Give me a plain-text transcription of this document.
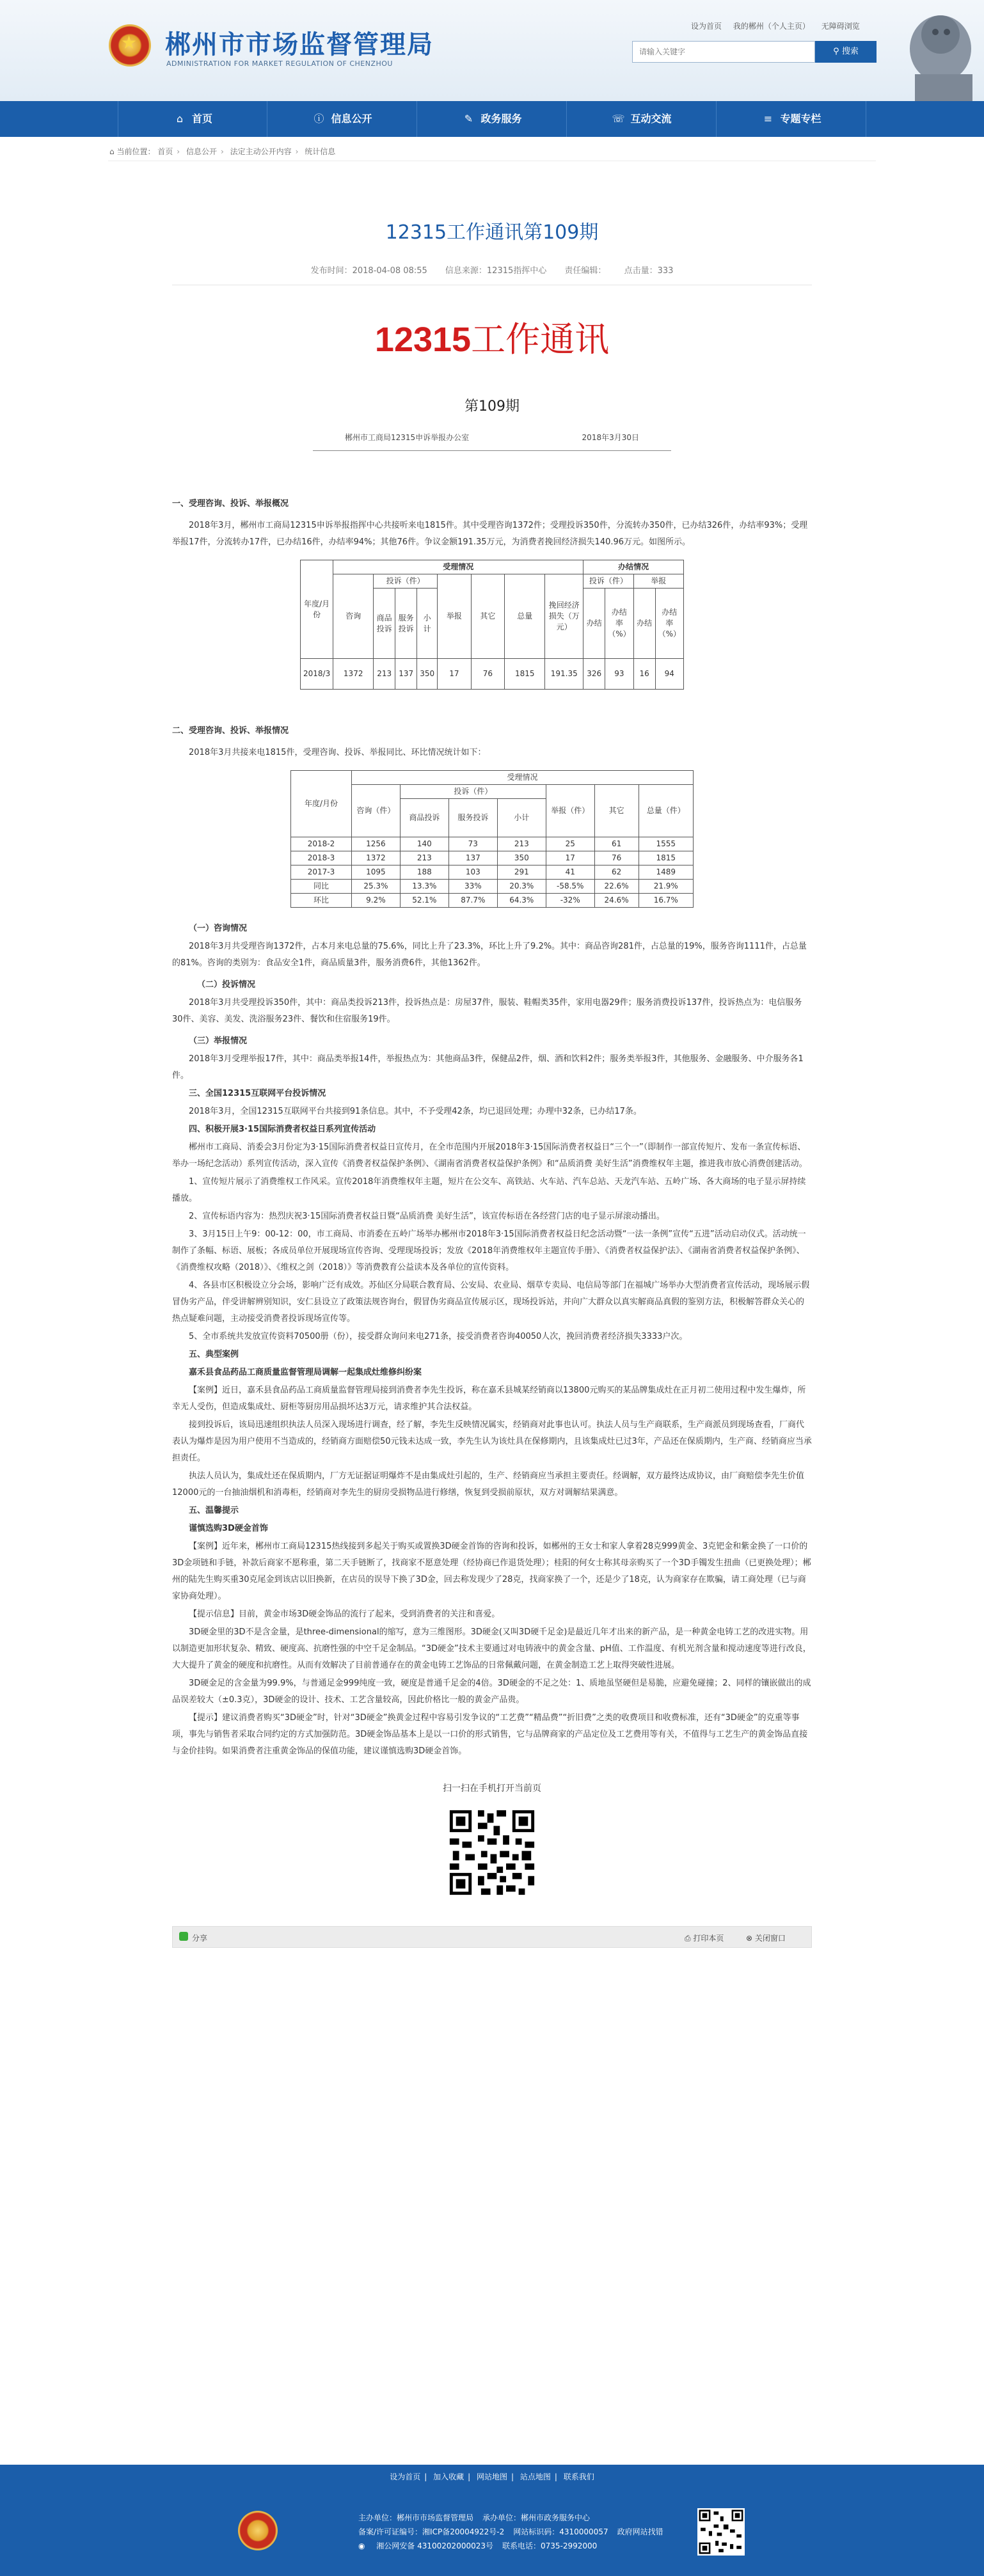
★
郴州市市场监督管理局
ADMINISTRATION FOR MARKET REGULATION OF CHENZHOU
设为首页 我的郴州（个人主页） 无障碍浏览
请输入关键字
⚲ 搜索
⌂ 首页	ⓘ 信息公开	✎ 政务服务	☏ 互动交流	≡ 专题专栏
⌂ 当前位置： 首页 › 信息公开 › 法定主动公开内容 › 统计信息
12315工作通讯第109期
发布时间：2018-04-08 08:55 信息来源：12315指挥中心 责任编辑： 点击量：333
12315工作通讯
第109期
郴州市工商局12315申诉举报办公室	2018年3月30日

一、受理咨询、投诉、举报概况

2018年3月，郴州市工商局12315申诉举报指挥中心共接听来电1815件。其中受理咨询1372件；受理投诉350件，分流转办350件，已办结326件，办结率93%；受理举报17件，分流转办17件，已办结16件，办结率94%；其他76件。争议金额191.35万元，为消费者挽回经济损失140.96万元。如图所示。

年度/月份	受理情况								办结情况			
	咨询	投诉（件）			举报	其它	总量	挽回经济损失（万元）	投诉（件）		举报	
		商品投诉	服务投诉	小计					办结	办结率（%）	办结	办结率（%）
2018/3	1372	213	137	350	17	76	1815	191.35	326	93	16	94

二、受理咨询、投诉、举报情况

2018年3月共接来电1815件，受理咨询、投诉、举报同比、环比情况统计如下：

年度/月份	受理情况						
	咨询（件）	投诉（件）			举报（件）	其它	总量（件）
		商品投诉	服务投诉	小计			
2018-2	1256	140	73	213	25	61	1555
2018-3	1372	213	137	350	17	76	1815
2017-3	1095	188	103	291	41	62	1489
同比	25.3%	13.3%	33%	20.3%	-58.5%	22.6%	21.9%
环比	9.2%	52.1%	87.7%	64.3%	-32%	24.6%	16.7%

（一）咨询情况

2018年3月共受理咨询1372件，占本月来电总量的75.6%，同比上升了23.3%，环比上升了9.2%。其中：商品咨询281件，占总量的19%，服务咨询1111件，占总量的81%。咨询的类别为：食品安全1件，商品质量3件，服务消费6件，其他1362件。

（二）投诉情况

2018年3月共受理投诉350件，其中：商品类投诉213件，投诉热点是：房屋37件，服装、鞋帽类35件，家用电器29件；服务消费投诉137件，投诉热点为：电信服务30件、美容、美发、洗浴服务23件、餐饮和住宿服务19件。

（三）举报情况

2018年3月受理举报17件，其中：商品类举报14件，举报热点为：其他商品3件，保健品2件，烟、酒和饮料2件；服务类举报3件，其他服务、金融服务、中介服务各1件。

三、全国12315互联网平台投诉情况

2018年3月，全国12315互联网平台共接到91条信息。其中，不予受理42条，均已退回处理；办理中32条，已办结17条。

四、积极开展3·15国际消费者权益日系列宣传活动

郴州市工商局、消委会3月份定为3·15国际消费者权益日宣传月，在全市范围内开展2018年3·15国际消费者权益日“三个一”（即制作一部宣传短片、发布一条宣传标语、举办一场纪念活动）系列宣传活动，深入宣传《消费者权益保护条例》、《湖南省消费者权益保护条例》和“品质消费 美好生活”消费维权年主题，推进我市放心消费创建活动。

1、宣传短片展示了消费维权工作风采。宣传2018年消费维权年主题，短片在公交车、高铁站、火车站、汽车总站、天龙汽车站、五岭广场、各大商场的电子显示屏持续播放。

2、宣传标语内容为：热烈庆祝3·15国际消费者权益日暨“品质消费 美好生活”，该宣传标语在各经营门店的电子显示屏滚动播出。

3、3月15日上午9：00-12：00，市工商局、市消委在五岭广场举办郴州市2018年3·15国际消费者权益日纪念活动暨“一法一条例”宣传“五进”活动启动仪式。活动统一制作了条幅、标语、展板；各成员单位开展现场宣传咨询、受理现场投诉；发放《2018年消费维权年主题宣传手册》、《消费者权益保护法》、《湖南省消费者权益保护条例》、《消费维权攻略（2018）》、《维权之剑（2018）》等消费教育公益读本及各单位的宣传资料。

4、各县市区积极设立分会场，影响广泛有成效。苏仙区分局联合教育局、公安局、农业局、烟草专卖局、电信局等部门在福城广场举办大型消费者宣传活动，现场展示假冒伪劣产品，伴受讲解辨别知识，安仁县设立了政策法规咨询台，假冒伪劣商品宣传展示区，现场投诉站，并向广大群众以真实解商品真假的鉴别方法，积极解答群众关心的热点疑难问题，主动接受消费者投诉现场宣传等。

5、全市系统共发放宣传资料70500册（份），接受群众询问来电271条，接受消费者咨询40050人次，挽回消费者经济损失3333户次。

五、典型案例

嘉禾县食品药品工商质量监督管理局调解一起集成灶维修纠纷案

【案例】近日，嘉禾县食品药品工商质量监督管理局接到消费者李先生投诉，称在嘉禾县城某经销商以13800元购买的某品牌集成灶在正月初二使用过程中发生爆炸，所幸无人受伤，但造成集成灶、厨柜等厨房用品损坏达3万元，请求维护其合法权益。

接到投诉后，该局迅速组织执法人员深入现场进行调查，经了解，李先生反映情况属实，经销商对此事也认可。执法人员与生产商联系，生产商派员到现场查看，厂商代表认为爆炸是因为用户使用不当造成的，经销商方面赔偿50元钱未达成一致，李先生认为该灶具在保修期内，且该集成灶已过3年，产品还在保质期内，生产商、经销商应当承担责任。

执法人员认为，集成灶还在保质期内，厂方无证据证明爆炸不是由集成灶引起的，生产、经销商应当承担主要责任。经调解，双方最终达成协议，由厂商赔偿李先生价值12000元的一台抽油烟机和消毒柜，经销商对李先生的厨房受损物品进行修缮，恢复到受损前原状，双方对调解结果满意。

五、温馨提示

谨慎选购3D硬金首饰

【案例】近年来，郴州市工商局12315热线接到多起关于购买或置换3D硬金首饰的咨询和投诉，如郴州的王女士和家人拿着28克999黄金、3克钯金和紫金换了一口价的3D金项链和手链，补款后商家不愿称重，第二天手链断了，找商家不愿意处理（经协商已作退货处理）；桂阳的何女士称其母亲购买了一个3D手镯发生扭曲（已更换处理）；郴州的陆先生购买重30克尾金到该店以旧换新，在店员的误导下换了3D金，回去称发现少了28克，找商家换了一个，还是少了18克，认为商家存在欺骗，请工商处理（已与商家协商处理）。

【提示信息】目前，黄金市场3D硬金饰品的流行了起来，受到消费者的关注和喜爱。

3D硬金里的3D不是含金量，是three-dimensional的缩写，意为三维图形。3D硬金(又叫3D硬千足金)是最近几年才出来的新产品，是一种黄金电铸工艺的改进实物。用以制造更加形状复杂、精致、硬度高、抗磨性强的中空千足金制品。“3D硬金”技术主要通过对电铸液中的黄金含量、pH值、工作温度、有机光剂含量和搅动速度等进行改良，大大提升了黄金的硬度和抗磨性。从而有效解决了目前普通存在的黄金电铸工艺饰品的日常佩戴问题，在黄金制造工艺上取得突破性进展。

3D硬金足的含金量为99.9%，与普通足金999纯度一致，硬度是普通千足金的4倍。3D硬金的不足之处：1、质地虽坚硬但是易脆，应避免碰撞；2、同样的镶嵌做出的成品误差较大（±0.3克），3D硬金的设计、技术、工艺含量较高，因此价格比一般的黄金产品贵。

【提示】建议消费者购买“3D硬金”时，针对“3D硬金”换黄金过程中容易引发争议的“工艺费”“精品费”“折旧费”之类的收费项目和收费标准，还有“3D硬金”的克重等事项，事先与销售者采取合同约定的方式加强防范。3D硬金饰品基本上是以一口价的形式销售，它与品牌商家的产品定位及工艺费用等有关，不值得与工艺生产的黄金饰品直接与金价挂钩。如果消费者注重黄金饰品的保值功能，建议谨慎选购3D硬金首饰。

扫一扫在手机打开当前页
分享	⎙ 打印本页	⊗ 关闭窗口
设为首页 | 加入收藏 | 网站地图 | 站点地图 | 联系我们
主办单位：郴州市市场监督管理局 承办单位：郴州市政务服务中心
备案/许可证编号：湘ICP备20004922号-2 网站标识码：4310000057 政府网站找错
◉ 湘公网安备 43100202000023号 联系电话：0735-2992000
